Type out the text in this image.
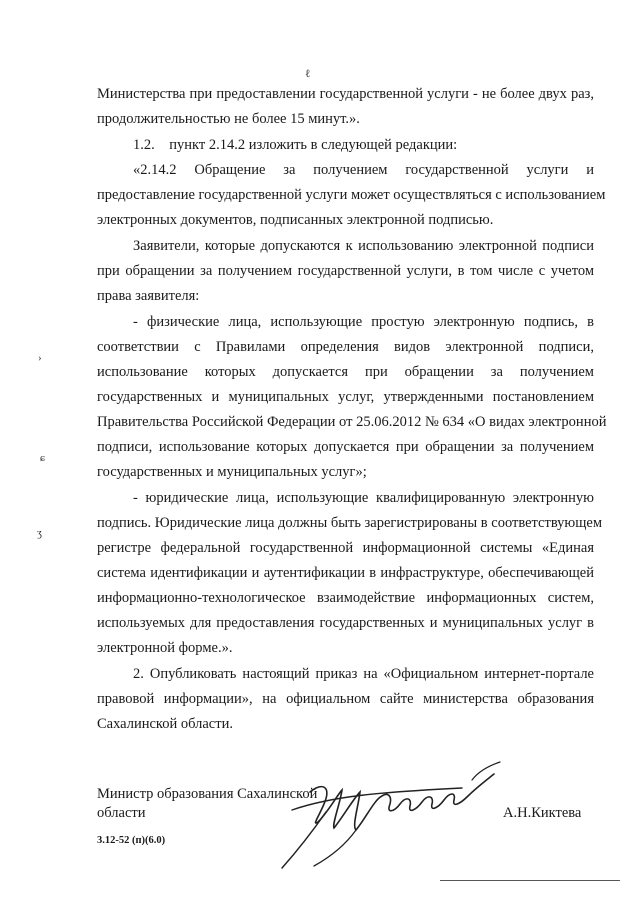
ℓ
›
ɕ
ʒ
Министерства при предоставлении государственной услуги - не более двух раз,
продолжительностью не более 15 минут.».
1.2.    пункт 2.14.2 изложить в следующей редакции:
«2.14.2    Обращение    за    получением    государственной    услуги    и
предоставление государственной услуги может осуществляться с использованием
электронных документов, подписанных электронной подписью.
Заявители, которые допускаются к использованию электронной подписи
при обращении за получением государственной услуги, в том числе с учетом
права заявителя:
- физические лица, использующие простую электронную подпись, в
соответствии    с    Правилами    определения    видов    электронной    подписи,
использование    которых    допускается    при    обращении    за    получением
государственных и муниципальных услуг, утвержденными постановлением
Правительства Российской Федерации от 25.06.2012 № 634 «О видах электронной
подписи, использование которых допускается при обращении за получением
государственных и муниципальных услуг»;
- юридические лица, использующие квалифицированную электронную
подпись. Юридические лица должны быть зарегистрированы в соответствующем
регистре федеральной государственной информационной системы «Единая
система идентификации и аутентификации в инфраструктуре, обеспечивающей
информационно-технологическое взаимодействие информационных систем,
используемых для предоставления государственных и муниципальных услуг в
электронной форме.».
2. Опубликовать настоящий приказ на «Официальном интернет-портале
правовой информации», на официальном сайте министерства образования
Сахалинской области.
Министр образования Сахалинской
области	А.Н.Киктева
3.12-52 (п)(6.0)
